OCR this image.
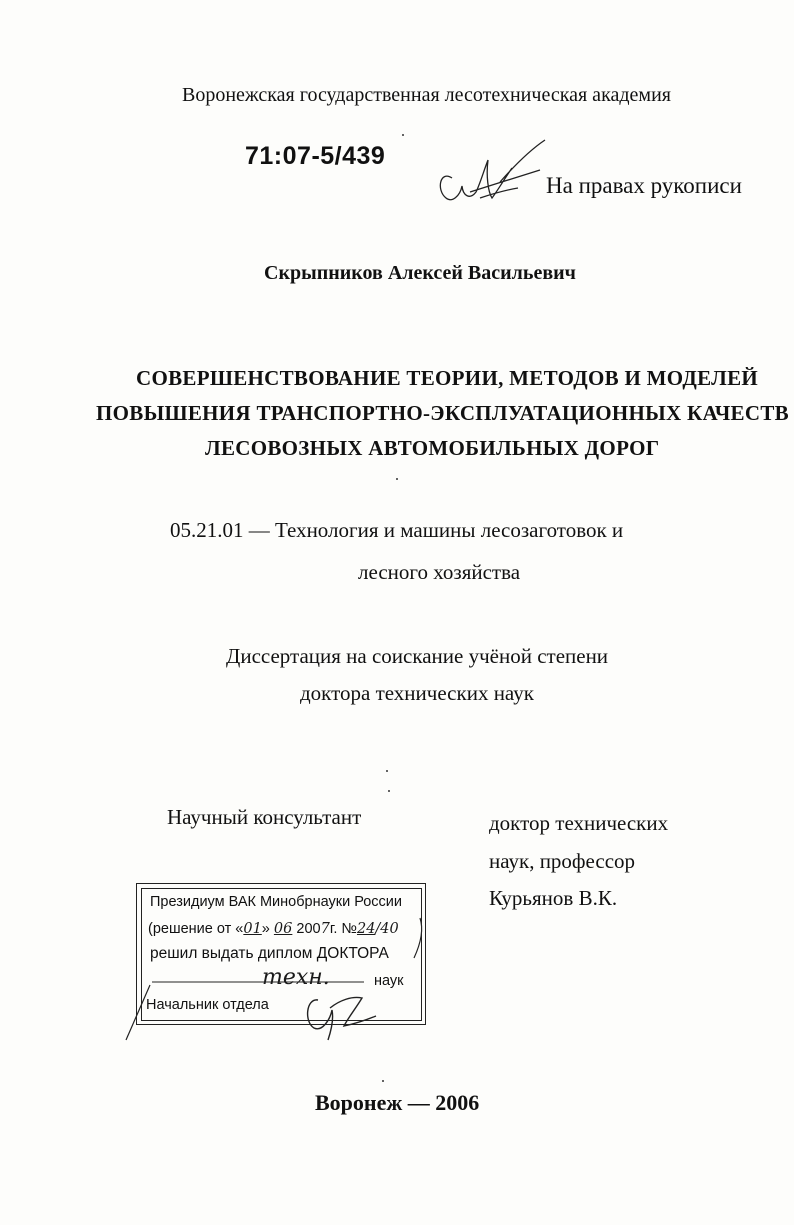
Воронежская государственная лесотехническая академия
71:07-5/439
На правах рукописи
Скрыпников Алексей Васильевич
СОВЕРШЕНСТВОВАНИЕ ТЕОРИИ, МЕТОДОВ И МОДЕЛЕЙ
ПОВЫШЕНИЯ ТРАНСПОРТНО-ЭКСПЛУАТАЦИОННЫХ КАЧЕСТВ
ЛЕСОВОЗНЫХ АВТОМОБИЛЬНЫХ ДОРОГ
05.21.01 — Технология и машины лесозаготовок и
лесного хозяйства
Диссертация на соискание учёной степени
доктора технических наук
Научный консультант	доктор технических
наук, профессор
Курьянов В.К.
Президиум ВАК Минобрнауки России
(решение от «01» 06 2007г. №24/40
решил выдать диплом ДОКТОРА
тexн.	наук
Начальник отдела
Воронеж — 2006
